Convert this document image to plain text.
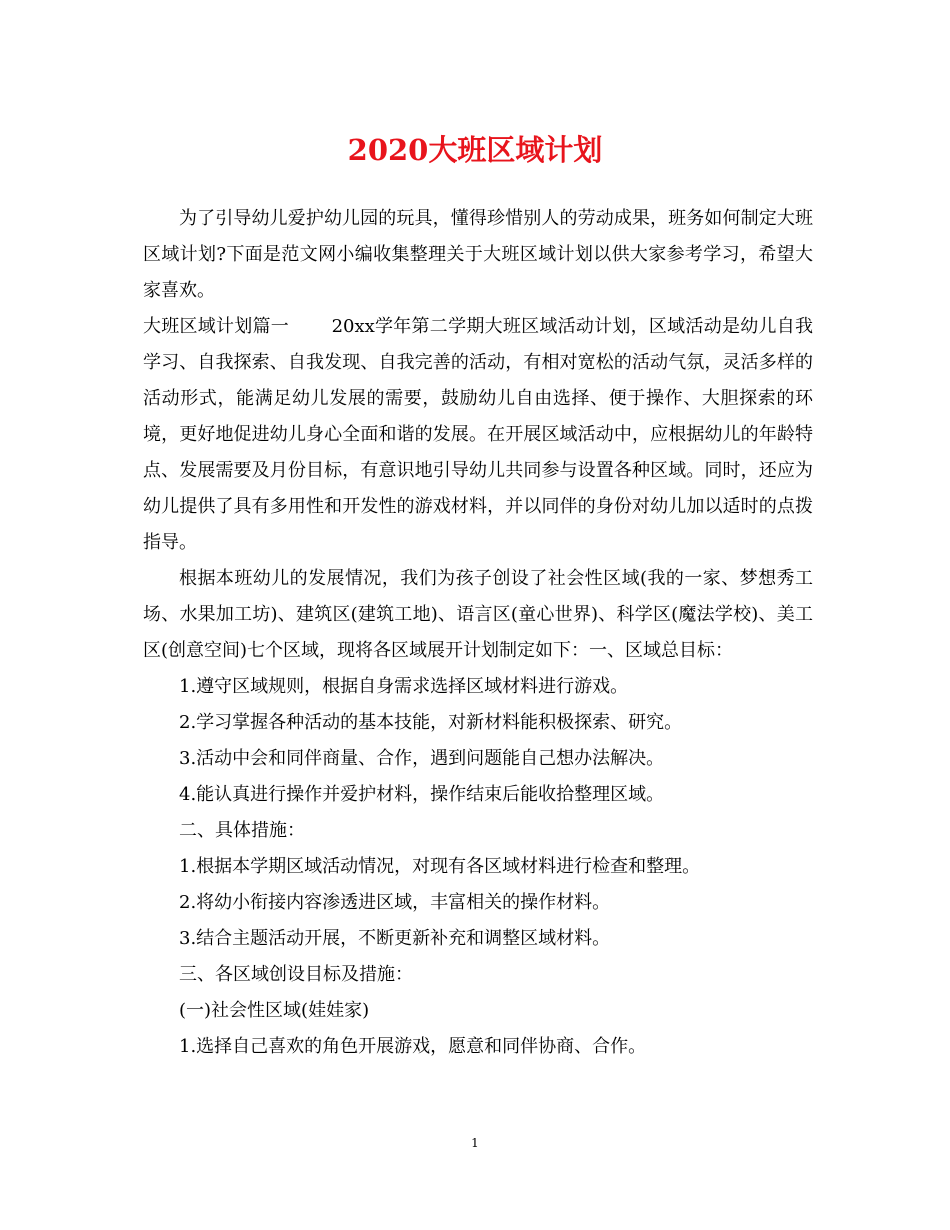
2020大班区域计划

为了引导幼儿爱护幼儿园的玩具，懂得珍惜别人的劳动成果，班务如何制定大班区域计划?下面是范文网小编收集整理关于大班区域计划以供大家参考学习，希望大家喜欢。

大班区域计划篇一　　 20xx学年第二学期大班区域活动计划，区域活动是幼儿自我学习、自我探索、自我发现、自我完善的活动，有相对宽松的活动气氛，灵活多样的活动形式，能满足幼儿发展的需要，鼓励幼儿自由选择、便于操作、大胆探索的环境，更好地促进幼儿身心全面和谐的发展。在开展区域活动中，应根据幼儿的年龄特点、发展需要及月份目标，有意识地引导幼儿共同参与设置各种区域。同时，还应为幼儿提供了具有多用性和开发性的游戏材料，并以同伴的身份对幼儿加以适时的点拨指导。

根据本班幼儿的发展情况，我们为孩子创设了社会性区域(我的一家、梦想秀工场、水果加工坊)、建筑区(建筑工地)、语言区(童心世界)、科学区(魔法学校)、美工区(创意空间)七个区域，现将各区域展开计划制定如下：一、区域总目标：

1.遵守区域规则，根据自身需求选择区域材料进行游戏。

2.学习掌握各种活动的基本技能，对新材料能积极探索、研究。

3.活动中会和同伴商量、合作，遇到问题能自己想办法解决。

4.能认真进行操作并爱护材料，操作结束后能收拾整理区域。

二、具体措施：

1.根据本学期区域活动情况，对现有各区域材料进行检查和整理。

2.将幼小衔接内容渗透进区域，丰富相关的操作材料。

3.结合主题活动开展，不断更新补充和调整区域材料。

三、各区域创设目标及措施：

(一)社会性区域(娃娃家)

1.选择自己喜欢的角色开展游戏，愿意和同伴协商、合作。

1
